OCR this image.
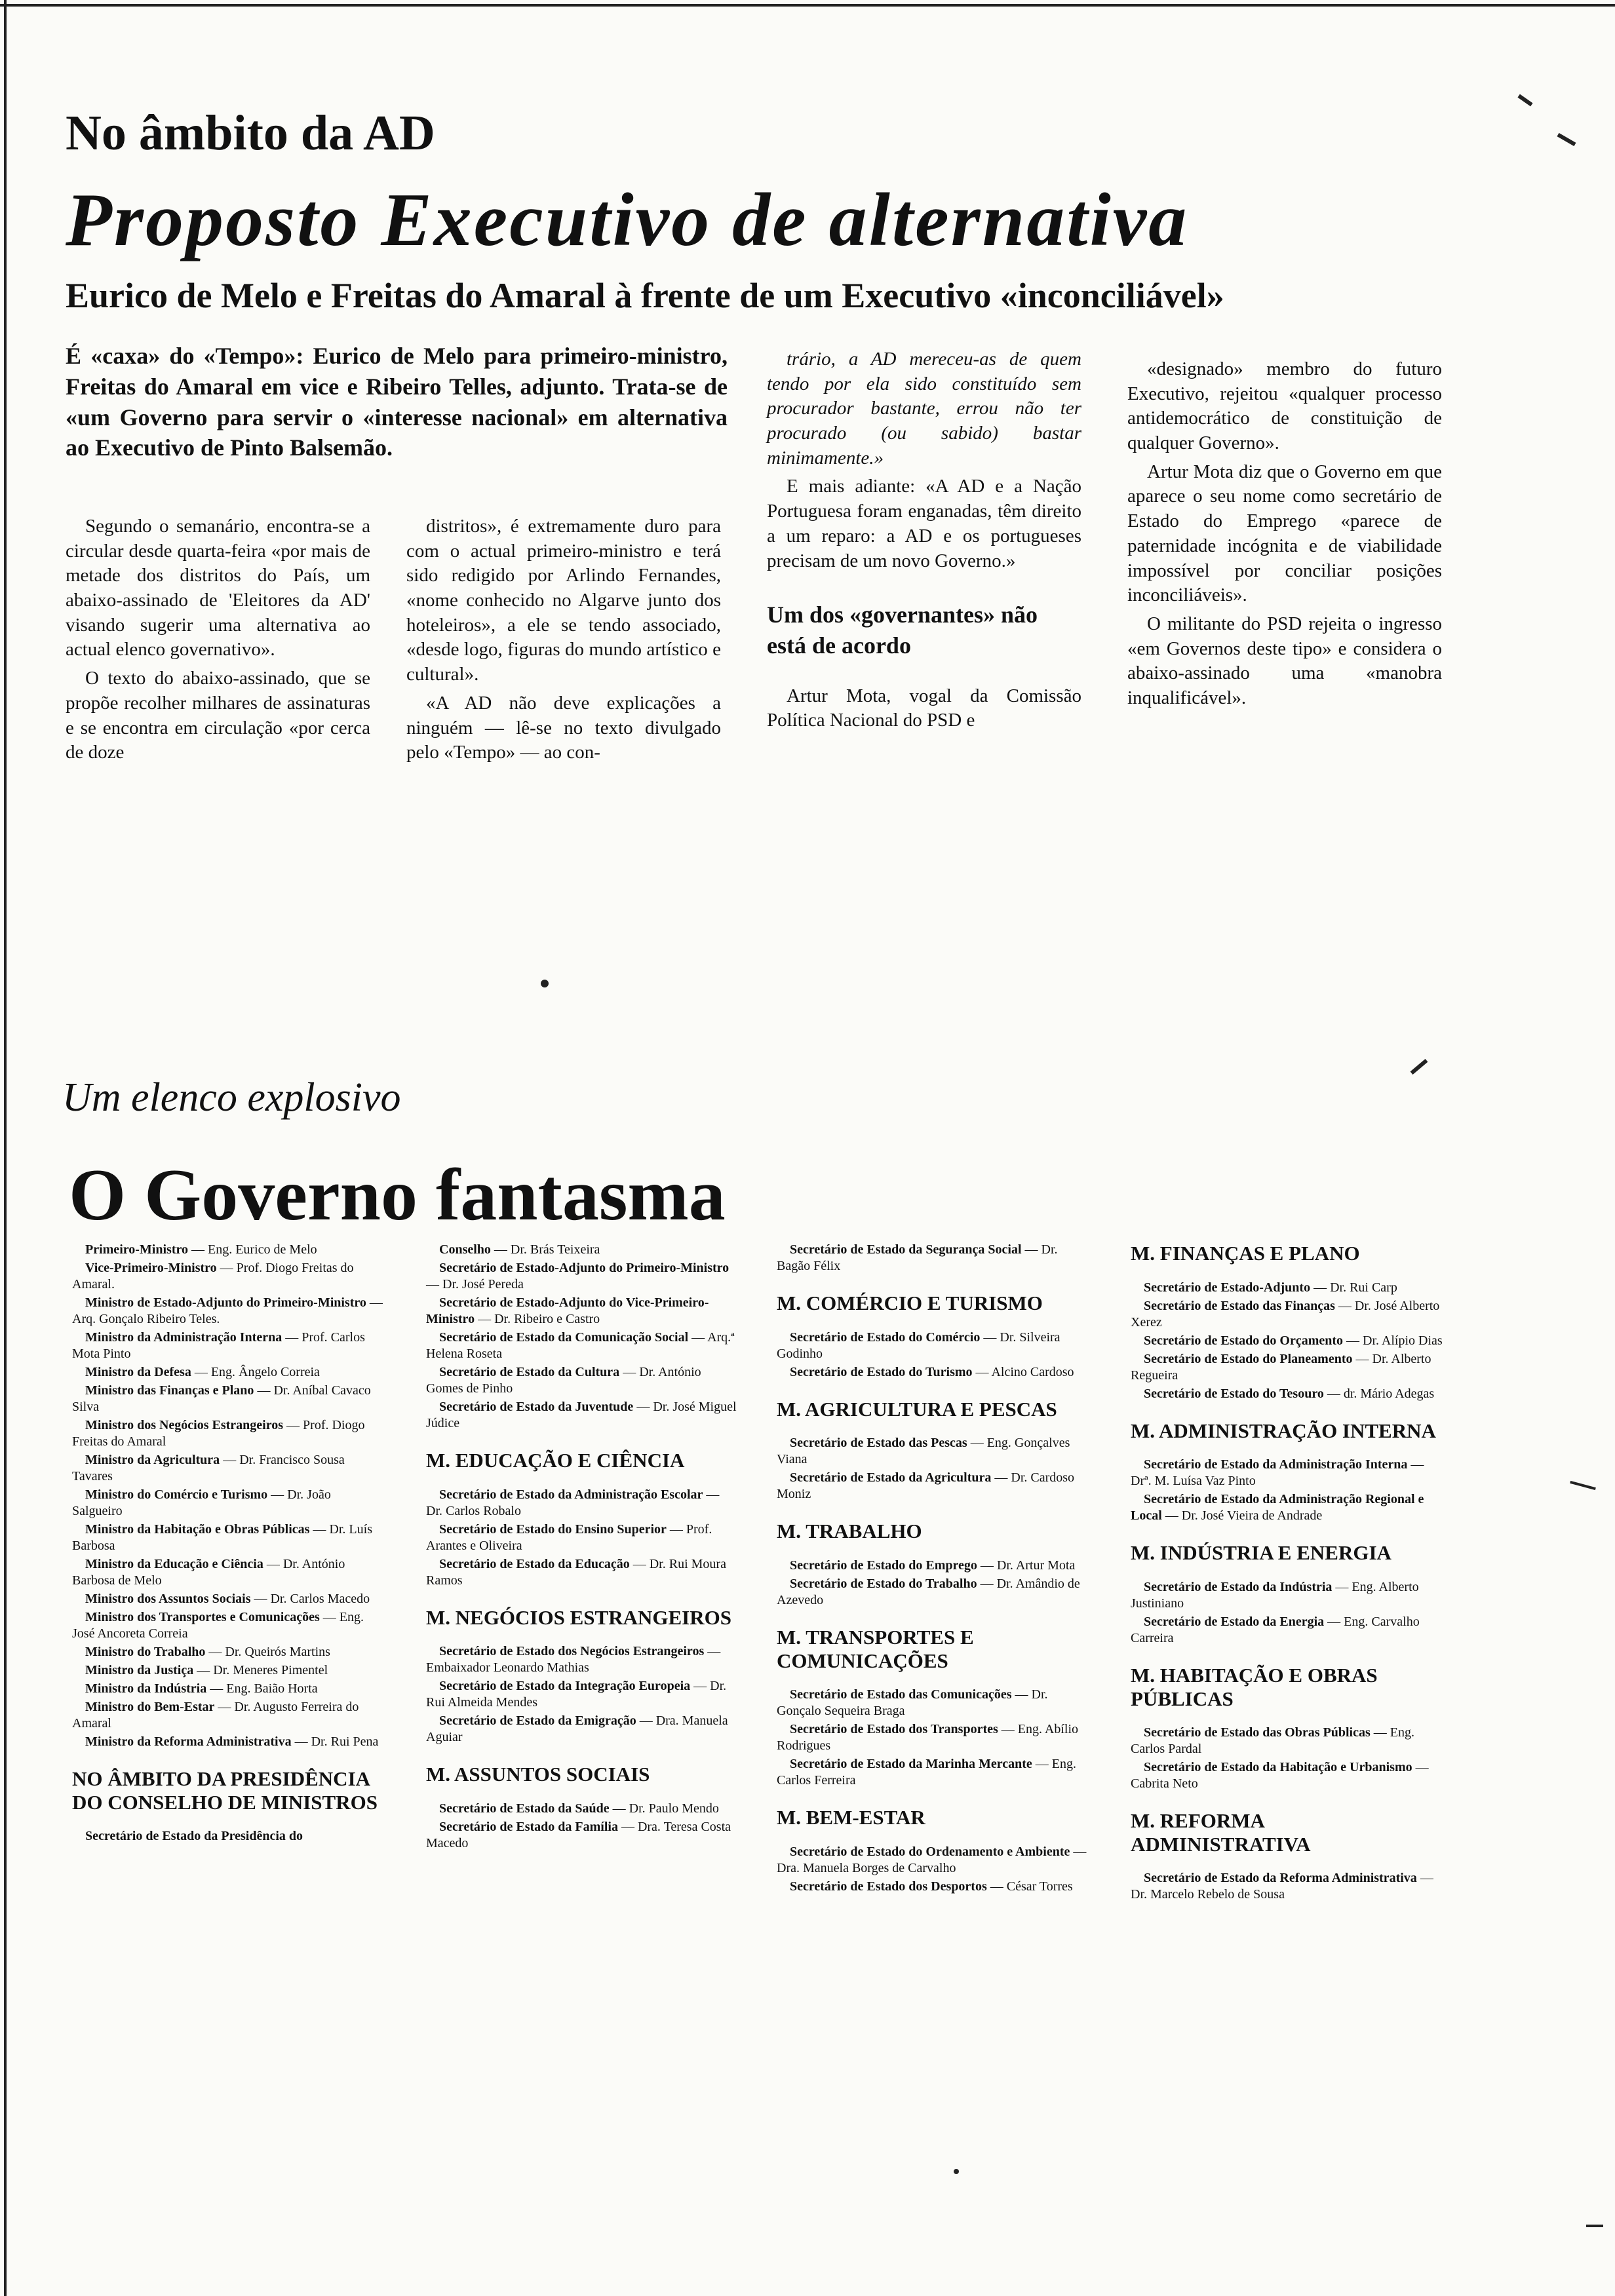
No âmbito da AD
Proposto Executivo de alternativa
Eurico de Melo e Freitas do Amaral à frente de um Executivo «inconciliável»
É «caxa» do «Tempo»: Eurico de Melo para primeiro-ministro, Freitas do Amaral em vice e Ribeiro Telles, adjunto. Trata-se de «um Governo para servir o «interesse nacional» em alternativa ao Executivo de Pinto Balsemão.

Segundo o semanário, encontra-se a circular desde quarta-feira «por mais de metade dos distritos do País, um abaixo-assinado de 'Eleitores da AD' visando sugerir uma alternativa ao actual elenco governativo».

O texto do abaixo-assinado, que se propõe recolher milhares de assinaturas e se encontra em circulação «por cerca de doze

distritos», é extremamente duro para com o actual primeiro-ministro e terá sido redigido por Arlindo Fernandes, «nome conhecido no Algarve junto dos hoteleiros», a ele se tendo associado, «desde logo, figuras do mundo artístico e cultural».

«A AD não deve explicações a ninguém — lê-se no texto divulgado pelo «Tempo» — ao con-

trário, a AD mereceu-as de quem tendo por ela sido constituído sem procurador bastante, errou não ter procurado (ou sabido) bastar minimamente.»

E mais adiante: «A AD e a Nação Portuguesa foram enganadas, têm direito a um reparo: a AD e os portugueses precisam de um novo Governo.»

Um dos «governantes» não está de acordo

Artur Mota, vogal da Comissão Política Nacional do PSD e

«designado» membro do futuro Executivo, rejeitou «qualquer processo antidemocrático de constituição de qualquer Governo».

Artur Mota diz que o Governo em que aparece o seu nome como secretário de Estado do Emprego «parece de paternidade incógnita e de viabilidade impossível por conciliar posições inconciliáveis».

O militante do PSD rejeita o ingresso «em Governos deste tipo» e considera o abaixo-assinado uma «manobra inqualificável».

Um elenco explosivo
O Governo fantasma
Primeiro-Ministro — Eng. Eurico de Melo
Vice-Primeiro-Ministro — Prof. Diogo Freitas do Amaral.
Ministro de Estado-Adjunto do Primeiro-Ministro — Arq. Gonçalo Ribeiro Teles.
Ministro da Administração Interna — Prof. Carlos Mota Pinto
Ministro da Defesa — Eng. Ângelo Correia
Ministro das Finanças e Plano — Dr. Aníbal Cavaco Silva
Ministro dos Negócios Estrangeiros — Prof. Diogo Freitas do Amaral
Ministro da Agricultura — Dr. Francisco Sousa Tavares
Ministro do Comércio e Turismo — Dr. João Salgueiro
Ministro da Habitação e Obras Públicas — Dr. Luís Barbosa
Ministro da Educação e Ciência — Dr. António Barbosa de Melo
Ministro dos Assuntos Sociais — Dr. Carlos Macedo
Ministro dos Transportes e Comunicações — Eng. José Ancoreta Correia
Ministro do Trabalho — Dr. Queirós Martins
Ministro da Justiça — Dr. Meneres Pimentel
Ministro da Indústria — Eng. Baião Horta
Ministro do Bem-Estar — Dr. Augusto Ferreira do Amaral
Ministro da Reforma Administrativa — Dr. Rui Pena
NO ÂMBITO DA PRESIDÊNCIA DO CONSELHO DE MINISTROS
Secretário de Estado da Presidência do
Conselho — Dr. Brás Teixeira
Secretário de Estado-Adjunto do Primeiro-Ministro — Dr. José Pereda
Secretário de Estado-Adjunto do Vice-Primeiro-Ministro — Dr. Ribeiro e Castro
Secretário de Estado da Comunicação Social — Arq.ª Helena Roseta
Secretário de Estado da Cultura — Dr. António Gomes de Pinho
Secretário de Estado da Juventude — Dr. José Miguel Júdice
M. EDUCAÇÃO E CIÊNCIA
Secretário de Estado da Administração Escolar — Dr. Carlos Robalo
Secretário de Estado do Ensino Superior — Prof. Arantes e Oliveira
Secretário de Estado da Educação — Dr. Rui Moura Ramos
M. NEGÓCIOS ESTRANGEIROS
Secretário de Estado dos Negócios Estrangeiros — Embaixador Leonardo Mathias
Secretário de Estado da Integração Europeia — Dr. Rui Almeida Mendes
Secretário de Estado da Emigração — Dra. Manuela Aguiar
M. ASSUNTOS SOCIAIS
Secretário de Estado da Saúde — Dr. Paulo Mendo
Secretário de Estado da Família — Dra. Teresa Costa Macedo
Secretário de Estado da Segurança Social — Dr. Bagão Félix
M. COMÉRCIO E TURISMO
Secretário de Estado do Comércio — Dr. Silveira Godinho
Secretário de Estado do Turismo — Alcino Cardoso
M. AGRICULTURA E PESCAS
Secretário de Estado das Pescas — Eng. Gonçalves Viana
Secretário de Estado da Agricultura — Dr. Cardoso Moniz
M. TRABALHO
Secretário de Estado do Emprego — Dr. Artur Mota
Secretário de Estado do Trabalho — Dr. Amândio de Azevedo
M. TRANSPORTES E COMUNICAÇÕES
Secretário de Estado das Comunicações — Dr. Gonçalo Sequeira Braga
Secretário de Estado dos Transportes — Eng. Abílio Rodrigues
Secretário de Estado da Marinha Mercante — Eng. Carlos Ferreira
M. BEM-ESTAR
Secretário de Estado do Ordenamento e Ambiente — Dra. Manuela Borges de Carvalho
Secretário de Estado dos Desportos — César Torres
M. FINANÇAS E PLANO
Secretário de Estado-Adjunto — Dr. Rui Carp
Secretário de Estado das Finanças — Dr. José Alberto Xerez
Secretário de Estado do Orçamento — Dr. Alípio Dias
Secretário de Estado do Planeamento — Dr. Alberto Regueira
Secretário de Estado do Tesouro — dr. Mário Adegas
M. ADMINISTRAÇÃO INTERNA
Secretário de Estado da Administração Interna — Drª. M. Luísa Vaz Pinto
Secretário de Estado da Administração Regional e Local — Dr. José Vieira de Andrade
M. INDÚSTRIA E ENERGIA
Secretário de Estado da Indústria — Eng. Alberto Justiniano
Secretário de Estado da Energia — Eng. Carvalho Carreira
M. HABITAÇÃO E OBRAS PÚBLICAS
Secretário de Estado das Obras Públicas — Eng. Carlos Pardal
Secretário de Estado da Habitação e Urbanismo — Cabrita Neto
M. REFORMA ADMINISTRATIVA
Secretário de Estado da Reforma Administrativa — Dr. Marcelo Rebelo de Sousa
